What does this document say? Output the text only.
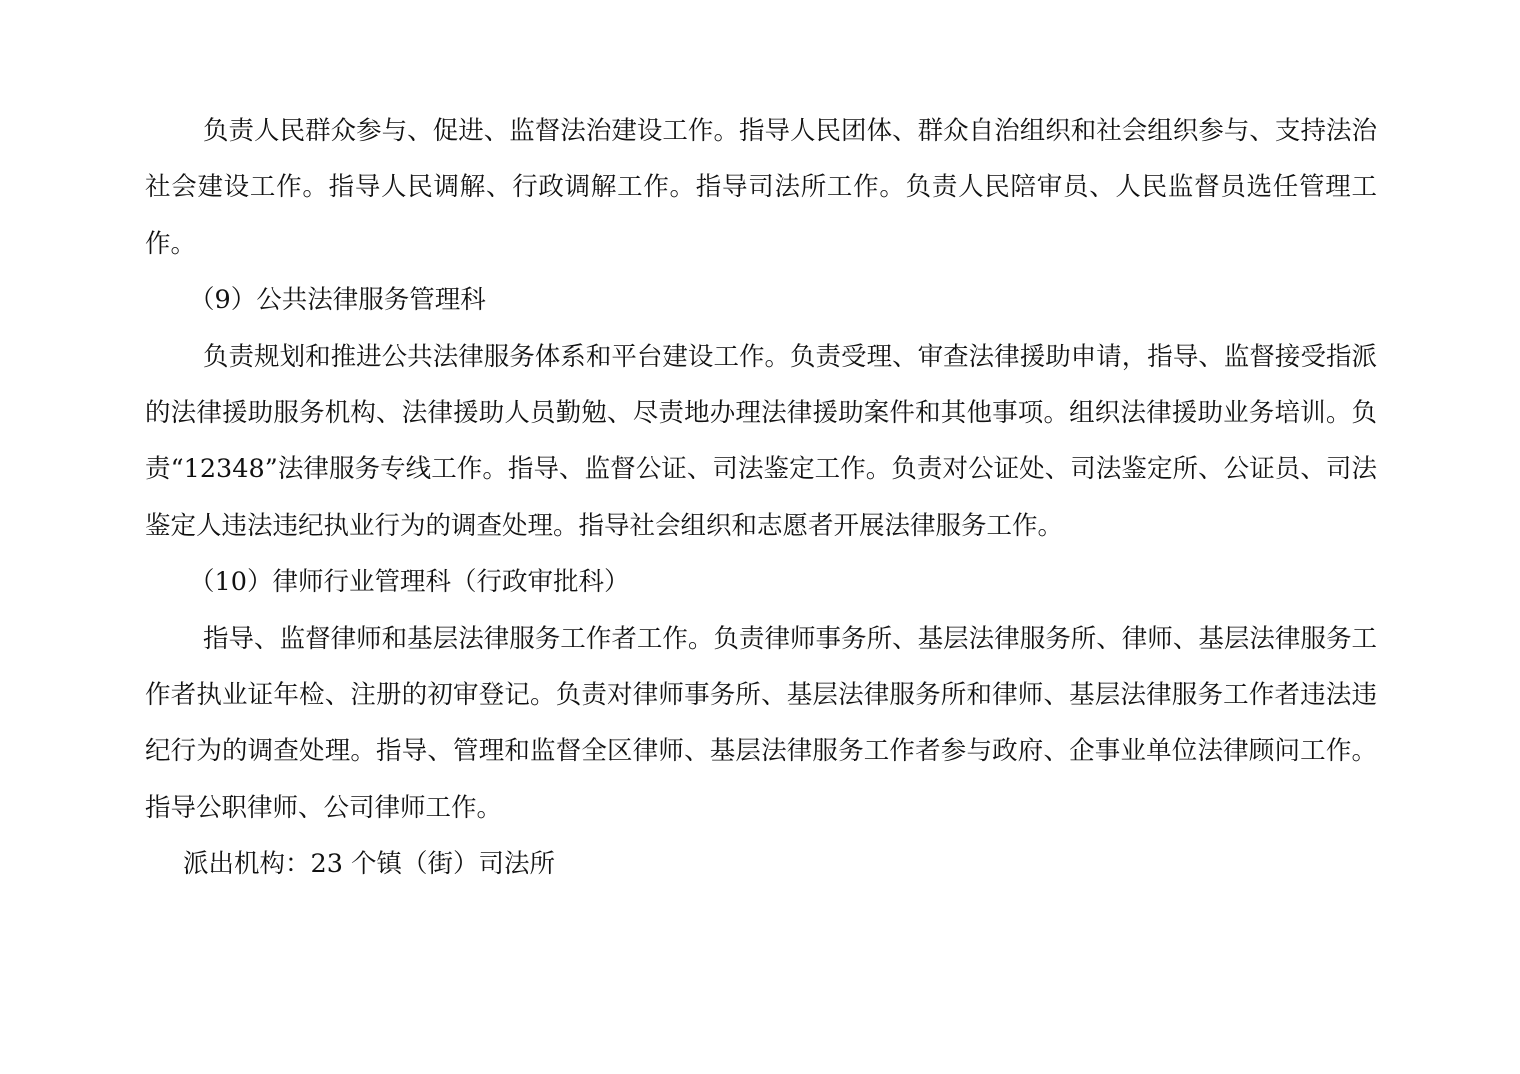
负责人民群众参与、促进、监督法治建设工作。指导人民团体、群众自治组织和社会组织参与、支持法治社会建设工作。指导人民调解、行政调解工作。指导司法所工作。负责人民陪审员、人民监督员选任管理工作。

（9）公共法律服务管理科

负责规划和推进公共法律服务体系和平台建设工作。负责受理、审查法律援助申请，指导、监督接受指派的法律援助服务机构、法律援助人员勤勉、尽责地办理法律援助案件和其他事项。组织法律援助业务培训。负责“12348”法律服务专线工作。指导、监督公证、司法鉴定工作。负责对公证处、司法鉴定所、公证员、司法鉴定人违法违纪执业行为的调查处理。指导社会组织和志愿者开展法律服务工作。

（10）律师行业管理科（行政审批科）

指导、监督律师和基层法律服务工作者工作。负责律师事务所、基层法律服务所、律师、基层法律服务工作者执业证年检、注册的初审登记。负责对律师事务所、基层法律服务所和律师、基层法律服务工作者违法违纪行为的调查处理。指导、管理和监督全区律师、基层法律服务工作者参与政府、企事业单位法律顾问工作。指导公职律师、公司律师工作。

派出机构：23 个镇（街）司法所
